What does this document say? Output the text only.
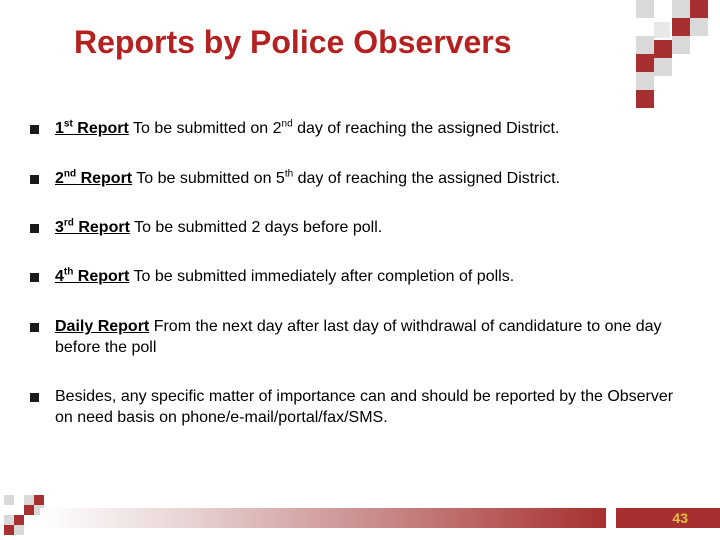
Reports by Police Observers
1st Report To be submitted on 2nd day of reaching the assigned District.
2nd Report To be submitted on 5th day of reaching the assigned District.
3rd Report To be submitted 2 days before poll.
4th Report To be submitted immediately after completion of polls.
Daily Report From the next day after last day of withdrawal of candidature to one day before the poll
Besides, any specific matter of importance can and should be reported by the Observer on need basis on phone/e-mail/portal/fax/SMS.
43
